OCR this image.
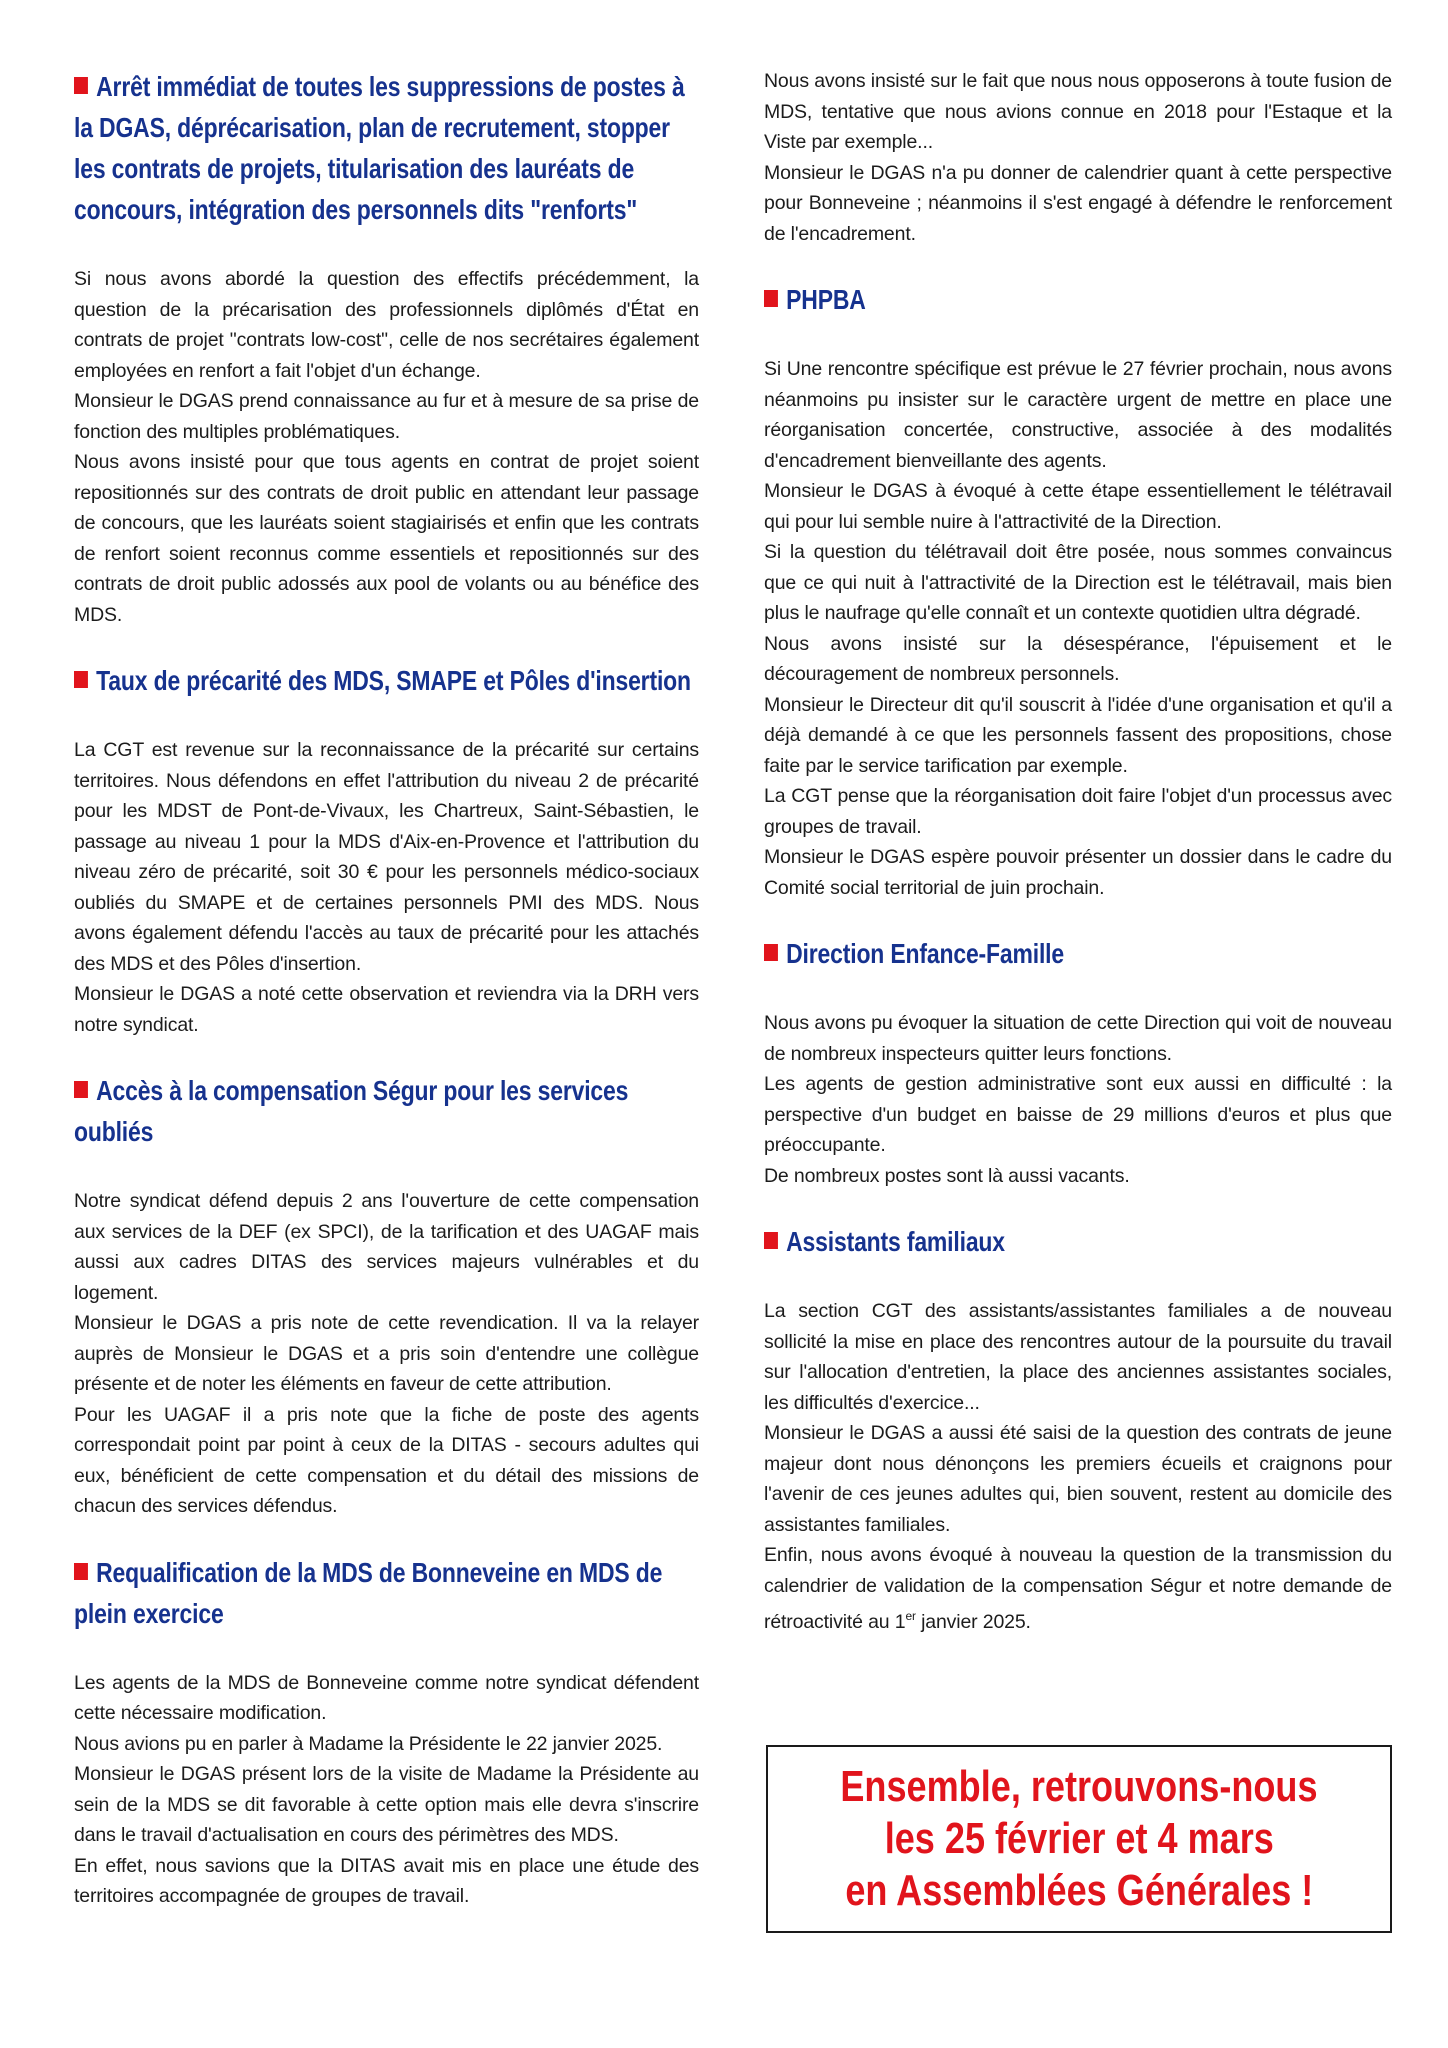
Arrêt immédiat de toutes les suppressions de postes à la DGAS, déprécarisation, plan de recrutement, stopper les contrats de projets, titularisation des lauréats de concours, intégration des personnels dits "renforts"

Si nous avons abordé la question des effectifs précédemment, la question de la précarisation des professionnels diplômés d'État en contrats de projet "contrats low-cost", celle de nos secrétaires également employées en renfort a fait l'objet d'un échange.

Monsieur le DGAS prend connaissance au fur et à mesure de sa prise de fonction des multiples problématiques.

Nous avons insisté pour que tous agents en contrat de projet soient repositionnés sur des contrats de droit public en attendant leur passage de concours, que les lauréats soient stagiairisés et enfin que les contrats de renfort soient reconnus comme essentiels et repositionnés sur des contrats de droit public adossés aux pool de volants ou au bénéfice des MDS.

Taux de précarité des MDS, SMAPE et Pôles d'insertion

La CGT est revenue sur la reconnaissance de la précarité sur certains territoires. Nous défendons en effet l'attribution du niveau 2 de précarité pour les MDST de Pont-de-Vivaux, les Chartreux, Saint-Sébastien, le passage au niveau 1 pour la MDS d'Aix-en-Provence et l'attribution du niveau zéro de précarité, soit 30 € pour les personnels médico-sociaux oubliés du SMAPE et de certaines personnels PMI des MDS. Nous avons également défendu l'accès au taux de précarité pour les attachés des MDS et des Pôles d'insertion.

Monsieur le DGAS a noté cette observation et reviendra via la DRH vers notre syndicat.

Accès à la compensation Ségur pour les services oubliés

Notre syndicat défend depuis 2 ans l'ouverture de cette compensation aux services de la DEF (ex SPCI), de la tarification et des UAGAF mais aussi aux cadres DITAS des services majeurs vulnérables et du logement.

Monsieur le DGAS a pris note de cette revendication. Il va la relayer auprès de Monsieur le DGAS et a pris soin d'entendre une collègue présente et de noter les éléments en faveur de cette attribution.

Pour les UAGAF il a pris note que la fiche de poste des agents correspondait point par point à ceux de la DITAS - secours adultes qui eux, bénéficient de cette compensation et du détail des missions de chacun des services défendus.

Requalification de la MDS de Bonneveine en MDS de plein exercice

Les agents de la MDS de Bonneveine comme notre syndicat défendent cette nécessaire modification.

Nous avions pu en parler à Madame la Présidente le 22 janvier 2025.

Monsieur le DGAS présent lors de la visite de Madame la Présidente au sein de la MDS se dit favorable à cette option mais elle devra s'inscrire dans le travail d'actualisation en cours des périmètres des MDS.

En effet, nous savions que la DITAS avait mis en place une étude des territoires accompagnée de groupes de travail.

Nous avons insisté sur le fait que nous nous opposerons à toute fusion de MDS, tentative que nous avions connue en 2018 pour l'Estaque et la Viste par exemple...

Monsieur le DGAS n'a pu donner de calendrier quant à cette perspective pour Bonneveine ; néanmoins il s'est engagé à défendre le renforcement de l'encadrement.

PHPBA

Si Une rencontre spécifique est prévue le 27 février prochain, nous avons néanmoins pu insister sur le caractère urgent de mettre en place une réorganisation concertée, constructive, associée à des modalités d'encadrement bienveillante des agents.

Monsieur le DGAS à évoqué à cette étape essentiellement le télétravail qui pour lui semble nuire à l'attractivité de la Direction.

Si la question du télétravail doit être posée, nous sommes convaincus que ce qui nuit à l'attractivité de la Direction est le télétravail, mais bien plus le naufrage qu'elle connaît et un contexte quotidien ultra dégradé.

Nous avons insisté sur la désespérance, l'épuisement et le découragement de nombreux personnels.

Monsieur le Directeur dit qu'il souscrit à l'idée d'une organisation et qu'il a déjà demandé à ce que les personnels fassent des propositions, chose faite par le service tarification par exemple.

La CGT pense que la réorganisation doit faire l'objet d'un processus avec groupes de travail.

Monsieur le DGAS espère pouvoir présenter un dossier dans le cadre du Comité social territorial de juin prochain.

Direction Enfance-Famille

Nous avons pu évoquer la situation de cette Direction qui voit de nouveau de nombreux inspecteurs quitter leurs fonctions.

Les agents de gestion administrative sont eux aussi en difficulté : la perspective d'un budget en baisse de 29 millions d'euros et plus que préoccupante.

De nombreux postes sont là aussi vacants.

Assistants familiaux

La section CGT des assistants/assistantes familiales a de nouveau sollicité la mise en place des rencontres autour de la poursuite du travail sur l'allocation d'entretien, la place des anciennes assistantes sociales, les difficultés d'exercice...

Monsieur le DGAS a aussi été saisi de la question des contrats de jeune majeur dont nous dénonçons les premiers écueils et craignons pour l'avenir de ces jeunes adultes qui, bien souvent, restent au domicile des assistantes familiales.

Enfin, nous avons évoqué à nouveau la question de la transmission du calendrier de validation de la compensation Ségur et notre demande de rétroactivité au 1er janvier 2025.

Ensemble, retrouvons-nous
les 25 février et 4 mars
en Assemblées Générales !
